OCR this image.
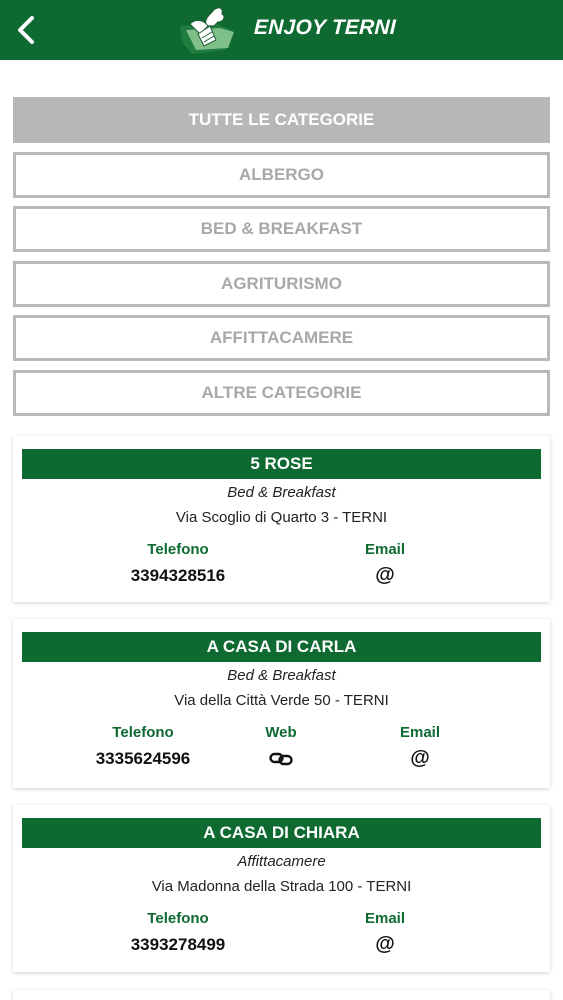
ENJOY TERNI
TUTTE LE CATEGORIE
ALBERGO
BED & BREAKFAST
AGRITURISMO
AFFITTACAMERE
ALTRE CATEGORIE
5 ROSE
Bed & Breakfast
Via Scoglio di Quarto 3 - TERNI
Telefono
3394328516
Email
@
A CASA DI CARLA
Bed & Breakfast
Via della Città Verde 50 - TERNI
Telefono
3335624596
Web	Email
@
A CASA DI CHIARA
Affittacamere
Via Madonna della Strada 100 - TERNI
Telefono
3393278499
Email
@
